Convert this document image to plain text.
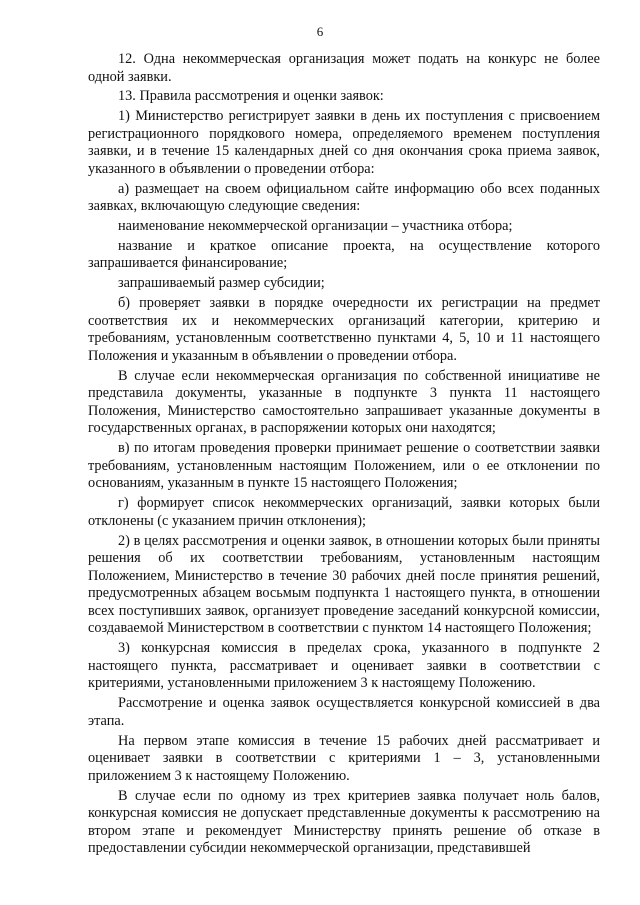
6

12. Одна некоммерческая организация может подать на конкурс не более одной заявки.

13. Правила рассмотрения и оценки заявок:

1) Министерство регистрирует заявки в день их поступления с присвоением регистрационного порядкового номера, определяемого временем поступления заявки, и в течение 15 календарных дней со дня окончания срока приема заявок, указанного в объявлении о проведении отбора:

а) размещает на своем официальном сайте информацию обо всех поданных заявках, включающую следующие сведения:

наименование некоммерческой организации – участника отбора;

название и краткое описание проекта, на осуществление которого запрашивается финансирование;

запрашиваемый размер субсидии;

б) проверяет заявки в порядке очередности их регистрации на предмет соответствия их и некоммерческих организаций категории, критерию и требованиям, установленным соответственно пунктами 4, 5, 10 и 11 настоящего Положения и указанным в объявлении о проведении отбора.

В случае если некоммерческая организация по собственной инициативе не представила документы, указанные в подпункте 3 пункта 11 настоящего Положения, Министерство самостоятельно запрашивает указанные документы в государственных органах, в распоряжении которых они находятся;

в) по итогам проведения проверки принимает решение о соответствии заявки требованиям, установленным настоящим Положением, или о ее отклонении по основаниям, указанным в пункте 15 настоящего Положения;

г) формирует список некоммерческих организаций, заявки которых были отклонены (с указанием причин отклонения);

2) в целях рассмотрения и оценки заявок, в отношении которых были приняты решения об их соответствии требованиям, установленным настоящим Положением, Министерство в течение 30 рабочих дней после принятия решений, предусмотренных абзацем восьмым подпункта 1 настоящего пункта, в отношении всех поступивших заявок, организует проведение заседаний конкурсной комиссии, создаваемой Министерством в соответствии с пунктом 14 настоящего Положения;

3) конкурсная комиссия в пределах срока, указанного в подпункте 2 настоящего пункта, рассматривает и оценивает заявки в соответствии с критериями, установленными приложением 3 к настоящему Положению.

Рассмотрение и оценка заявок осуществляется конкурсной комиссией в два этапа.

На первом этапе комиссия в течение 15 рабочих дней рассматривает и оценивает заявки в соответствии с критериями 1 – 3, установленными приложением 3 к настоящему Положению.

В случае если по одному из трех критериев заявка получает ноль балов, конкурсная комиссия не допускает представленные документы к рассмотрению на втором этапе и рекомендует Министерству принять решение об отказе в предоставлении субсидии некоммерческой организации, представившей
